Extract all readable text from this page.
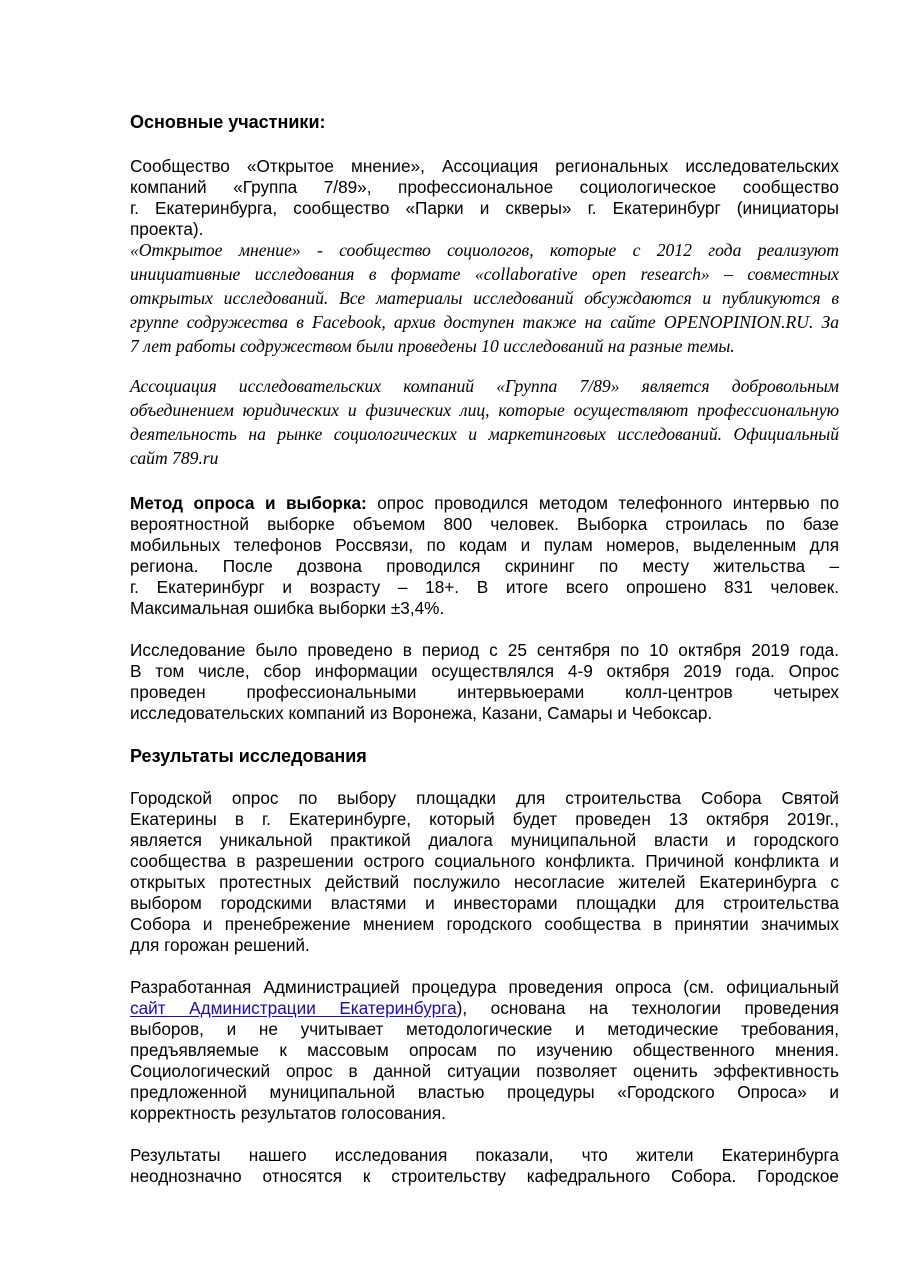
Основные участники:

Сообщество «Открытое мнение», Ассоциация региональных исследовательских

компаний «Группа 7/89», профессиональное социологическое сообщество

г. Екатеринбурга, сообщество «Парки и скверы» г. Екатеринбург (инициаторы

проекта).

«Открытое мнение» - сообщество социологов, которые с 2012 года реализуют

инициативные исследования в формате «collaborative open research» – совместных

открытых исследований. Все материалы исследований обсуждаются и публикуются в

группе содружества в Facebook, архив доступен также на сайте OPENOPINION.RU. За

7 лет работы содружеством были проведены 10 исследований на разные темы.

Ассоциация исследовательских компаний «Группа 7/89» является добровольным

объединением юридических и физических лиц, которые осуществляют профессиональную

деятельность на рынке социологических и маркетинговых исследований. Официальный

сайт 789.ru

Метод опроса и выборка: опрос проводился методом телефонного интервью по

вероятностной выборке объемом 800 человек. Выборка строилась по базе

мобильных телефонов Россвязи, по кодам и пулам номеров, выделенным для

региона. После дозвона проводился скрининг по месту жительства –

г. Екатеринбург и возрасту – 18+. В итоге всего опрошено 831 человек.

Максимальная ошибка выборки ±3,4%.

Исследование было проведено в период с 25 сентября по 10 октября 2019 года.

В том числе, сбор информации осуществлялся 4-9 октября 2019 года. Опрос

проведен профессиональными интервьюерами колл-центров четырех

исследовательских компаний из Воронежа, Казани, Самары и Чебоксар.

Результаты исследования

Городской опрос по выбору площадки для строительства Собора Святой

Екатерины в г. Екатеринбурге, который будет проведен 13 октября 2019г.,

является уникальной практикой диалога муниципальной власти и городского

сообщества в разрешении острого социального конфликта. Причиной конфликта и

открытых протестных действий послужило несогласие жителей Екатеринбурга с

выбором городскими властями и инвесторами площадки для строительства

Собора и пренебрежение мнением городского сообщества в принятии значимых

для горожан решений.

Разработанная Администрацией процедура проведения опроса (см. официальный

сайт Администрации Екатеринбурга), основана на технологии проведения

выборов, и не учитывает методологические и методические требования,

предъявляемые к массовым опросам по изучению общественного мнения.

Социологический опрос в данной ситуации позволяет оценить эффективность

предложенной муниципальной властью процедуры «Городского Опроса» и

корректность результатов голосования.

Результаты нашего исследования показали, что жители Екатеринбурга

неоднозначно относятся к строительству кафедрального Собора. Городское
